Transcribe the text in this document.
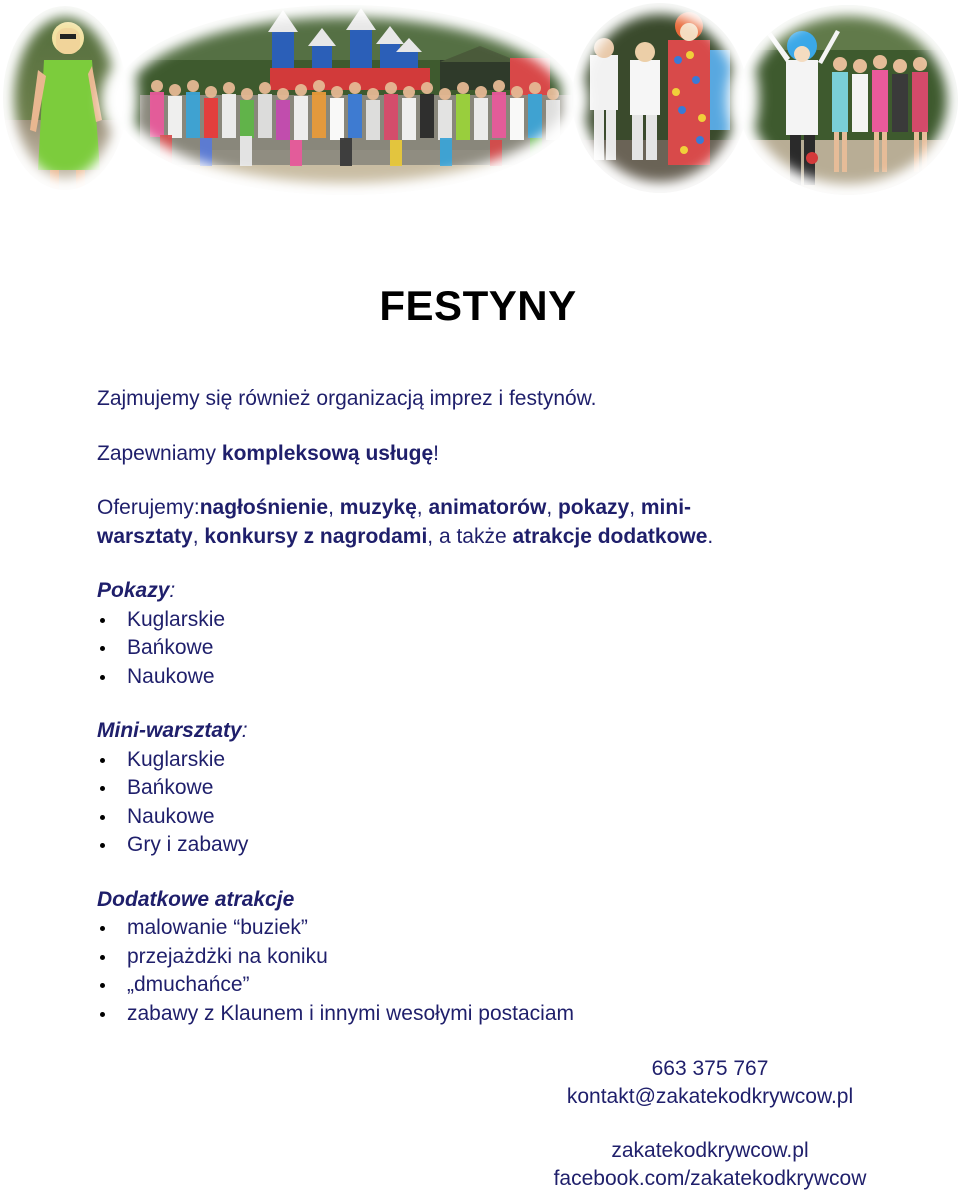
FESTYNY

Zajmujemy się również organizacją imprez i festynów.

Zapewniamy kompleksową usługę!

Oferujemy:nagłośnienie, muzykę, animatorów, pokazy, mini-warsztaty, konkursy z nagrodami, a także atrakcje dodatkowe.

Pokazy:
Kuglarskie
Bańkowe
Naukowe
Mini-warsztaty:
Kuglarskie
Bańkowe
Naukowe
Gry i zabawy
Dodatkowe atrakcje
malowanie “buziek”
przejażdżki na koniku
„dmuchańce”
zabawy z Klaunem i innymi wesołymi postaciam
663 375 767
kontakt@zakatekodkrywcow.pl
zakatekodkrywcow.pl
facebook.com/zakatekodkrywcow
